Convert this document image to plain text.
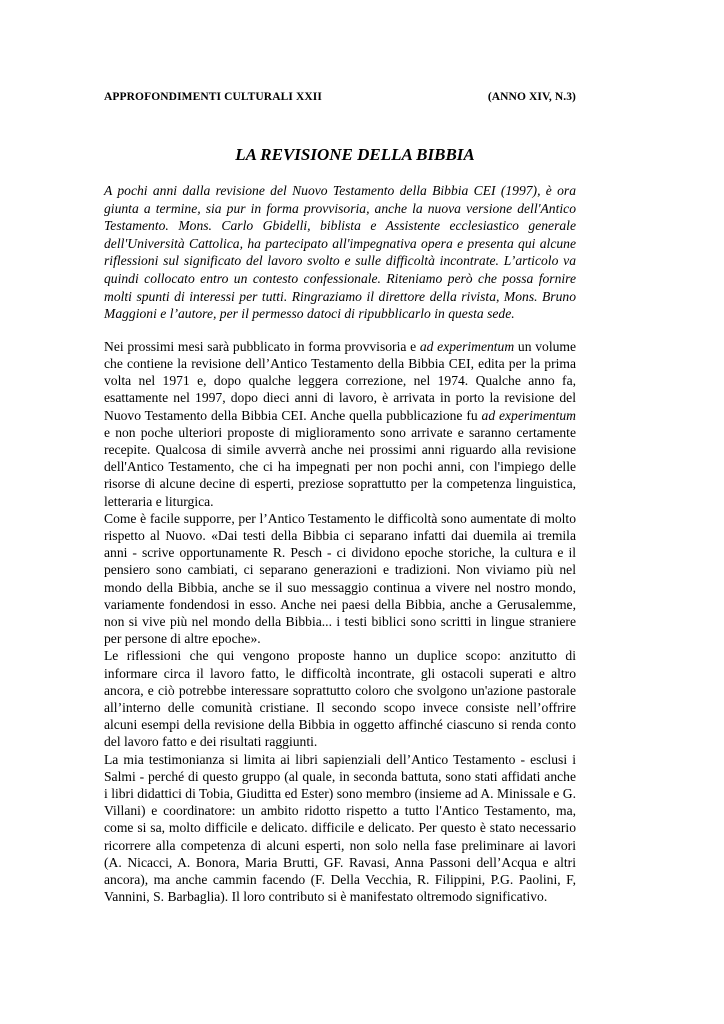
APPROFONDIMENTI CULTURALI XXII	(ANNO XIV, N.3)
LA REVISIONE DELLA BIBBIA
A pochi anni dalla revisione del Nuovo Testamento della Bibbia CEI (1997), è ora giunta a termine, sia pur in forma provvisoria, anche la nuova versione dell'Antico Testamento. Mons. Carlo Gbidelli, biblista e Assistente ecclesiastico generale dell'Università Cattolica, ha partecipato all'impegnativa opera e presenta qui alcune riflessioni sul significato del lavoro svolto e sulle difficoltà incontrate. L’articolo va quindi collocato entro un contesto confessionale. Riteniamo però che possa fornire molti spunti di interessi per tutti. Ringraziamo il direttore della rivista, Mons. Bruno Maggioni e l’autore, per il permesso datoci di ripubblicarlo in questa sede.

Nei prossimi mesi sarà pubblicato in forma provvisoria e ad experimentum un volume che contiene la revisione dell’Antico Testamento della Bibbia CEI, edita per la prima volta nel 1971 e, dopo qualche leggera correzione, nel 1974. Qualche anno fa, esattamente nel 1997, dopo dieci anni di lavoro, è arrivata in porto la revisione del Nuovo Testamento della Bibbia CEI. Anche quella pubblicazione fu ad experimentum e non poche ulteriori proposte di miglioramento sono arrivate e saranno certamente recepite. Qualcosa di simile avverrà anche nei prossimi anni riguardo alla revisione dell'Antico Testamento, che ci ha impegnati per non pochi anni, con l'impiego delle risorse di alcune decine di esperti, preziose soprattutto per la competenza linguistica, letteraria e liturgica.

Come è facile supporre, per l’Antico Testamento le difficoltà sono aumentate di molto rispetto al Nuovo. «Dai testi della Bibbia ci separano infatti dai duemila ai tremila anni - scrive opportunamente R. Pesch - ci dividono epoche storiche, la cultura e il pensiero sono cambiati, ci separano generazioni e tradizioni. Non viviamo più nel mondo della Bibbia, anche se il suo messaggio continua a vivere nel nostro mondo, variamente fondendosi in esso. Anche nei paesi della Bibbia, anche a Gerusalemme, non si vive più nel mondo della Bibbia... i testi biblici sono scritti in lingue straniere per persone di altre epoche».

Le riflessioni che qui vengono proposte hanno un duplice scopo: anzitutto di informare circa il lavoro fatto, le difficoltà incontrate, gli ostacoli superati e altro ancora, e ciò potrebbe interessare soprattutto coloro che svolgono un'azione pastorale all’interno delle comunità cristiane. Il secondo scopo invece consiste nell’offrire alcuni esempi della revisione della Bibbia in oggetto affinché ciascuno si renda conto del lavoro fatto e dei risultati raggiunti.

La mia testimonianza si limita ai libri sapienziali dell’Antico Testamento - esclusi i Salmi - perché di questo gruppo (al quale, in seconda battuta, sono stati affidati anche i libri didattici di Tobia, Giuditta ed Ester) sono membro (insieme ad A. Minissale e G. Villani) e coordinatore: un ambito ridotto rispetto a tutto l'Antico Testamento, ma, come si sa, molto difficile e delicato. difficile e delicato. Per questo è stato necessario ricorrere alla competenza di alcuni esperti, non solo nella fase preliminare ai lavori (A. Nicacci, A. Bonora, Maria Brutti, GF. Ravasi, Anna Passoni dell’Acqua e altri ancora), ma anche cammin facendo (F. Della Vecchia, R. Filippini, P.G. Paolini, F, Vannini, S. Barbaglia). Il loro contributo si è manifestato oltremodo significativo.
